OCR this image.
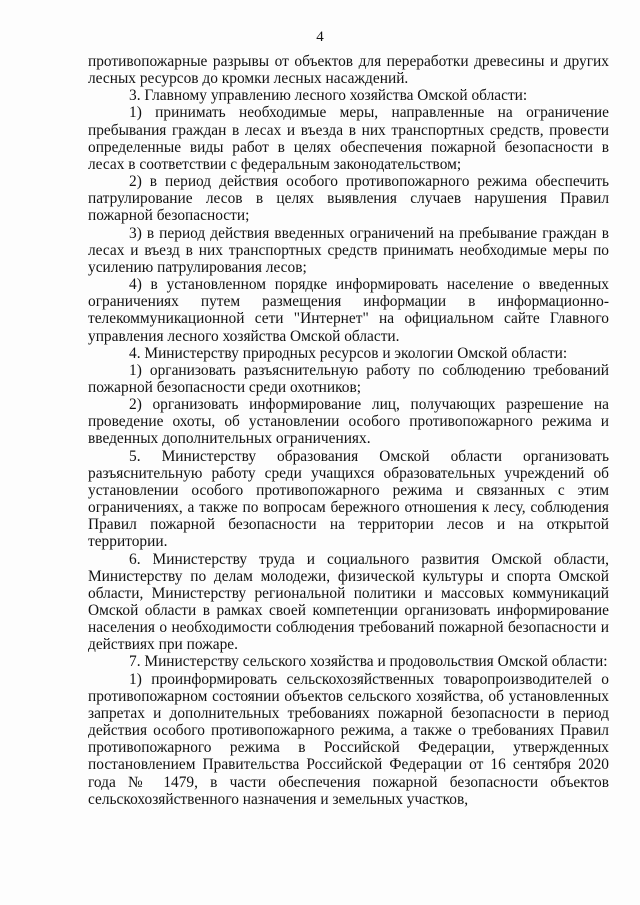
4

противопожарные разрывы от объектов для переработки древесины и других лесных ресурсов до кромки лесных насаждений.

3. Главному управлению лесного хозяйства Омской области:

1) принимать необходимые меры, направленные на ограничение пребывания граждан в лесах и въезда в них транспортных средств, провести определенные виды работ в целях обеспечения пожарной безопасности в лесах в соответствии с федеральным законодательством;

2) в период действия особого противопожарного режима обеспечить патрулирование лесов в целях выявления случаев нарушения Правил пожарной безопасности;

3) в период действия введенных ограничений на пребывание граждан в лесах и въезд в них транспортных средств принимать необходимые меры по усилению патрулирования лесов;

4) в установленном порядке информировать население о введенных ограничениях путем размещения информации в информационно-телекоммуникационной сети "Интернет" на официальном сайте Главного управления лесного хозяйства Омской области.

4. Министерству природных ресурсов и экологии Омской области:

1) организовать разъяснительную работу по соблюдению требований пожарной безопасности среди охотников;

2) организовать информирование лиц, получающих разрешение на проведение охоты, об установлении особого противопожарного режима и введенных дополнительных ограничениях.

5. Министерству образования Омской области организовать разъяснительную работу среди учащихся образовательных учреждений об установлении особого противопожарного режима и связанных с этим ограничениях, а также по вопросам бережного отношения к лесу, соблюдения Правил пожарной безопасности на территории лесов и на открытой территории.

6. Министерству труда и социального развития Омской области, Министерству по делам молодежи, физической культуры и спорта Омской области, Министерству региональной политики и массовых коммуникаций Омской области в рамках своей компетенции организовать информирование населения о необходимости соблюдения требований пожарной безопасности и действиях при пожаре.

7. Министерству сельского хозяйства и продовольствия Омской области:

1) проинформировать сельскохозяйственных товаропроизводителей о противопожарном состоянии объектов сельского хозяйства, об установленных запретах и дополнительных требованиях пожарной безопасности в период действия особого противопожарного режима, а также о требованиях Правил противопожарного режима в Российской Федерации, утвержденных постановлением Правительства Российской Федерации от 16 сентября 2020 года № 1479, в части обеспечения пожарной безопасности объектов сельскохозяйственного назначения и земельных участков,
